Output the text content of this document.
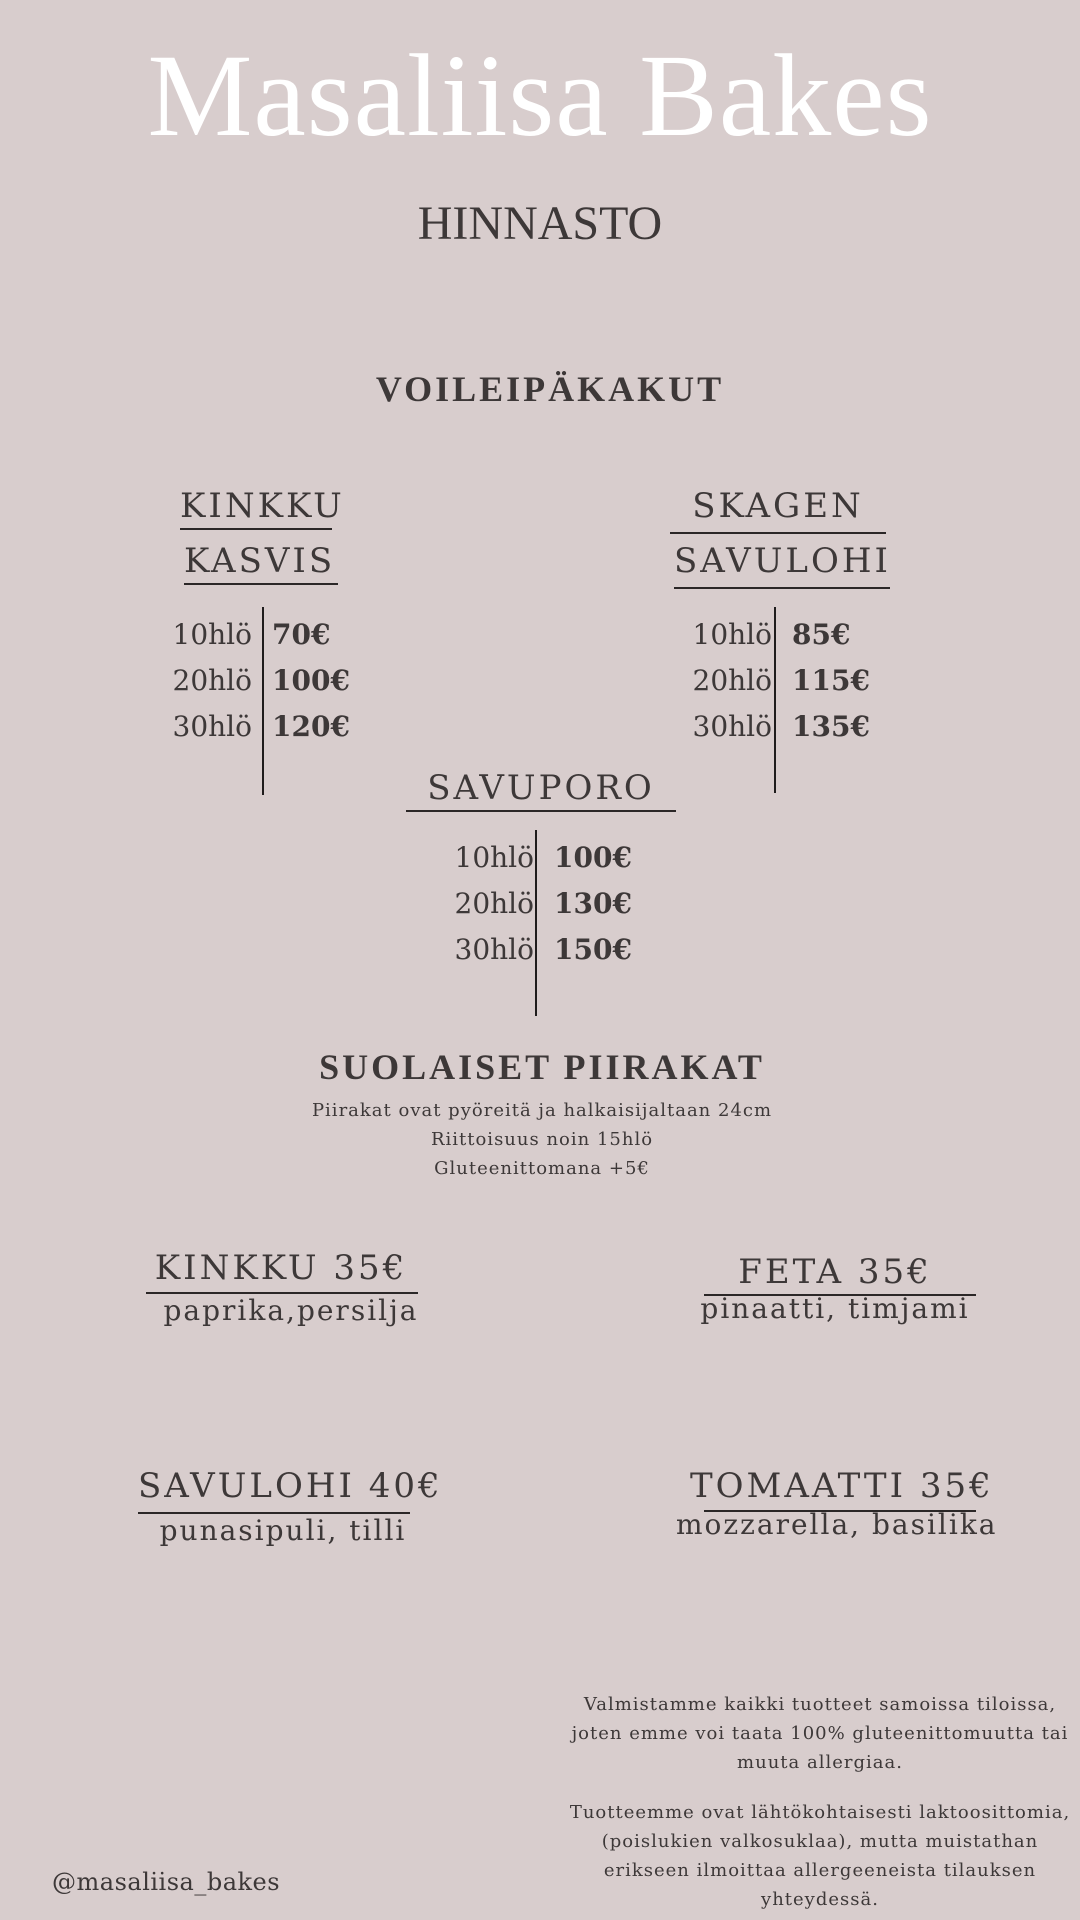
Masaliisa Bakes
HINNASTO
VOILEIPÄKAKUT
KINKKU
KASVIS
10hlö 70€
20hlö 100€
30hlö 120€
SKAGEN
SAVULOHI
10hlö 85€
20hlö 115€
30hlö 135€
SAVUPORO
10hlö 100€
20hlö 130€
30hlö 150€
SUOLAISET PIIRAKAT
Piirakat ovat pyöreitä ja halkaisijaltaan 24cm
Riittoisuus noin 15hlö
Gluteenittomana +5€
KINKKU 35€
paprika,persilja
FETA 35€
pinaatti, timjami
SAVULOHI 40€
punasipuli, tilli
TOMAATTI 35€
mozzarella, basilika
Valmistamme kaikki tuotteet samoissa tiloissa, joten emme voi taata 100% gluteenittomuutta tai muuta allergiaa.
Tuotteemme ovat lähtökohtaisesti laktoosittomia, (poislukien valkosuklaa), mutta muistathan erikseen ilmoittaa allergeeneista tilauksen yhteydessä.
@masaliisa_bakes
